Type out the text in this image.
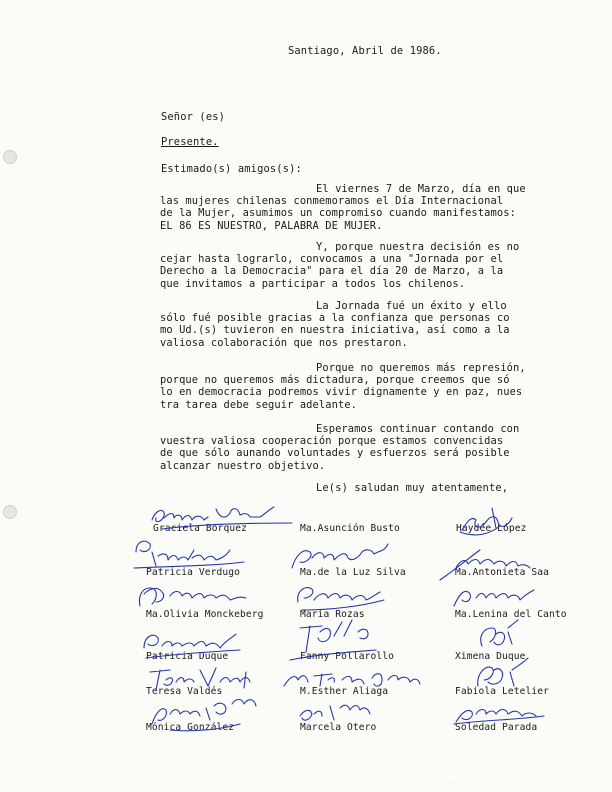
Santiago, Abril de 1986.
Señor (es)
Presente.
Estimado(s) amigos(s):
El viernes 7 de Marzo, día en que
las mujeres chilenas conmemoramos el Día Internacional
de la Mujer, asumimos un compromiso cuando manifestamos:
EL 86 ES NUESTRO, PALABRA DE MUJER.
Y, porque nuestra decisión es no
cejar hasta lograrlo, convocamos a una "Jornada por el
Derecho a la Democracia" para el día 20 de Marzo, a la
que invitamos a participar a todos los chilenos.
La Jornada fué un éxito y ello
sólo fué posible gracias a la confianza que personas co
mo Ud.(s) tuvieron en nuestra iniciativa, así como a la
valiosa colaboración que nos prestaron.
Porque no queremos más represión,
porque no queremos más dictadura, porque creemos que só
lo en democracia podremos vivir dignamente y en paz, nues
tra tarea debe seguir adelante.
Esperamos continuar contando con
vuestra valiosa cooperación porque estamos convencidas
de que sólo aunando voluntades y esfuerzos será posible
alcanzar nuestro objetivo.
Le(s) saludan muy atentamente,
Graciela Borquez	Ma.Asunción Busto	Haydée López
Patricia Verdugo	Ma.de la Luz Silva	Ma.Antonieta Saa
Ma.Olivia Monckeberg	María Rozas	Ma.Lenina del Canto
Patricia Duque	Fanny Pollarollo	Ximena Duque
Teresa Valdés	M.Esther Aliaga	Fabiola Letelier
Mónica González	Marcela Otero	Soledad Parada
· · ·
